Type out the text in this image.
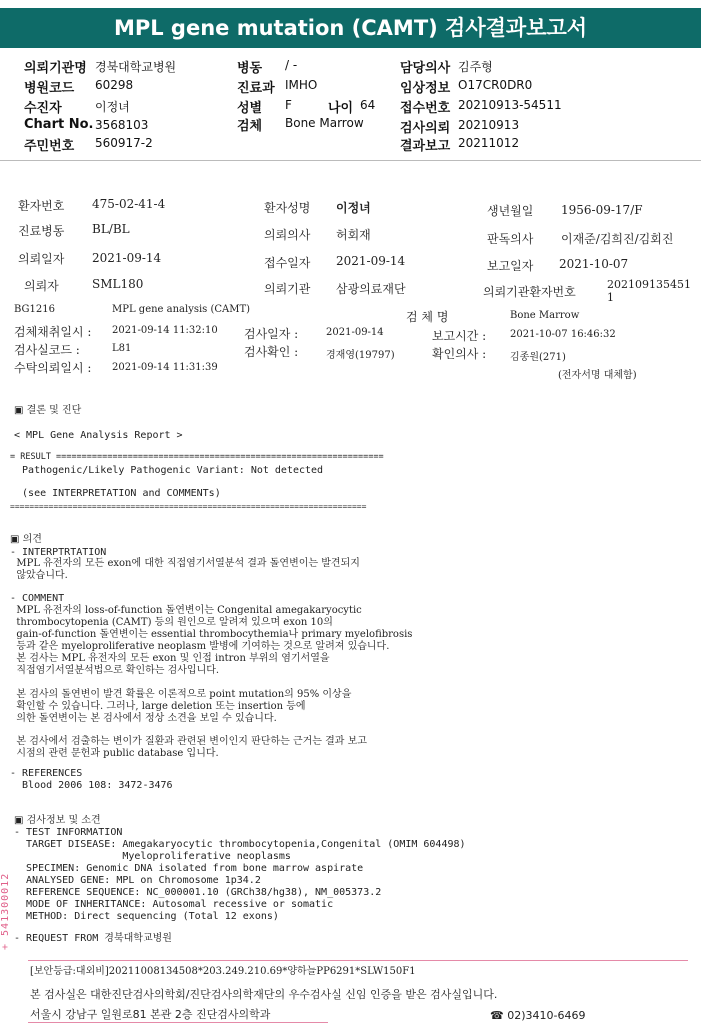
MPL gene mutation (CAMT) 검사결과보고서
의뢰기관명 경북대학교병원
병원코드 60298
수진자	이정녀
Chart No. 3568103
주민번호 560917-2
병동 / -
진료과 IMHO
성별 F	나이 64
검체 Bone Marrow
담당의사 김주형
임상정보 O17CR0DR0
접수번호 20210913-54511
검사의뢰 20210913
결과보고 20211012
환자번호 475-02-41-4	환자성명 이정녀	생년월일 1956-09-17/F
진료병동 BL/BL	의뢰의사 허회재	판독의사 이재준/김희진/김회진
의뢰일자 2021-09-14	접수일자 2021-09-14	보고일자 2021-10-07
의뢰자	SML180	의뢰기관 삼광의료재단	의뢰기관환자번호
202109135451
1
BG1216	MPL gene analysis (CAMT)
검 체 명	Bone Marrow
검체채취일시 : 2021-09-14 11:32:10 검사일자 :	2021-09-14	보고시간 : 2021-10-07 16:46:32
검사실코드 :	L81	검사확인 :	경재영(19797)	확인의사 : 김종원(271)
수탁의뢰일시 : 2021-09-14 11:31:39
(전자서명 대체함)
▣ 결론 및 진단
< MPL Gene Analysis Report >
= RESULT ================================================================
Pathogenic/Likely Pathogenic Variant: Not detected
(see INTERPRETATION and COMMENTs)
==========================================================================
▣ 의견
- INTERPTRTATION
MPL 유전자의 모든 exon에 대한 직접염기서열분석 결과 돌연변이는 발견되지
않았습니다.
- COMMENT
MPL 유전자의 loss-of-function 돌연변이는 Congenital amegakaryocytic
thrombocytopenia (CAMT) 등의 원인으로 알려져 있으며 exon 10의
gain-of-function 돌연변이는 essential thrombocythemia나 primary myelofibrosis
등과 같은 myeloproliferative neoplasm 발병에 기여하는 것으로 알려져 있습니다.
본 검사는 MPL 유전자의 모든 exon 및 인접 intron 부위의 염기서열을
직접염기서열분석법으로 확인하는 검사입니다.
본 검사의 돌연변이 발견 확률은 이론적으로 point mutation의 95% 이상을
확인할 수 있습니다. 그러나, large deletion 또는 insertion 등에
의한 돌연변이는 본 검사에서 정상 소견을 보일 수 있습니다.
본 검사에서 검출하는 변이가 질환과 관련된 변이인지 판단하는 근거는 결과 보고
시점의 관련 문헌과 public database 입니다.
- REFERENCES
Blood 2006 108: 3472-3476
▣ 검사정보 및 소견
- TEST INFORMATION
TARGET DISEASE: Amegakaryocytic thrombocytopenia,Congenital (OMIM 604498)
Myeloproliferative neoplasms
SPECIMEN: Genomic DNA isolated from bone marrow aspirate
ANALYSED GENE: MPL on Chromosome 1p34.2
REFERENCE SEQUENCE: NC_000001.10 (GRCh38/hg38), NM_005373.2
MODE OF INHERITANCE: Autosomal recessive or somatic
METHOD: Direct sequencing (Total 12 exons)
- REQUEST FROM 경북대학교병원
+ 541300012
[보안등급:대외비]20211008134508*203.249.210.69*양하늘PP6291*SLW150F1
본 검사실은 대한진단검사의학회/진단검사의학재단의 우수검사실 신임 인증을 받은 검사실입니다.
서울시 강남구 일원로81 본관 2층 진단검사의학과	☎ 02)3410-6469
